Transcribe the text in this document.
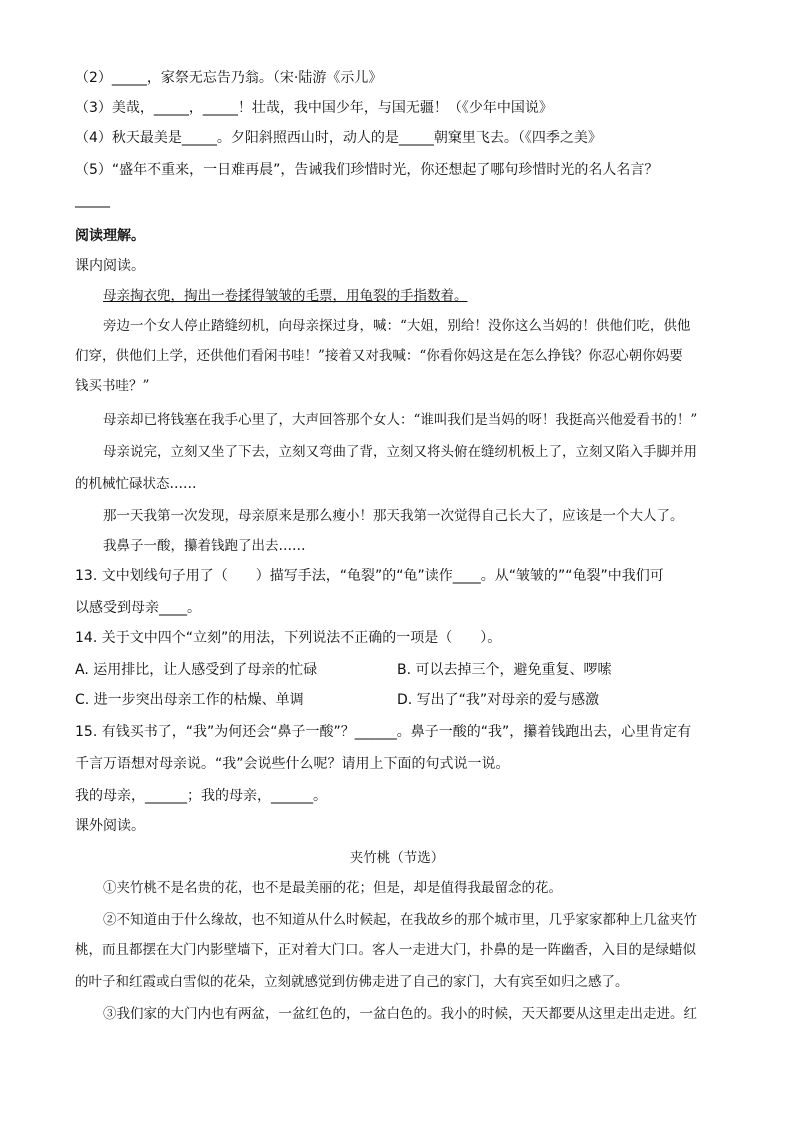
（2）_____，家祭无忘告乃翁。（宋·陆游《示儿》
（3）美哉，_____，_____！壮哉，我中国少年，与国无疆！（《少年中国说》
（4）秋天最美是_____。夕阳斜照西山时，动人的是_____朝窠里飞去。（《四季之美》
（5）“盛年不重来，一日难再晨”，告诫我们珍惜时光，你还想起了哪句珍惜时光的名人名言？
_____
阅读理解。
课内阅读。
母亲掏衣兜，掏出一卷揉得皱皱的毛票，用龟裂的手指数着。
旁边一个女人停止踏缝纫机，向母亲探过身，喊：“大姐，别给！没你这么当妈的！供他们吃，供他
们穿，供他们上学，还供他们看闲书哇！”接着又对我喊：“你看你妈这是在怎么挣钱？你忍心朝你妈要
钱买书哇？”
母亲却已将钱塞在我手心里了，大声回答那个女人：“谁叫我们是当妈的呀！我挺高兴他爱看书的！”
母亲说完，立刻又坐了下去，立刻又弯曲了背，立刻又将头俯在缝纫机板上了，立刻又陷入手脚并用
的机械忙碌状态……
那一天我第一次发现，母亲原来是那么瘦小！那天我第一次觉得自己长大了，应该是一个大人了。
我鼻子一酸，攥着钱跑了出去……
13. 文中划线句子用了（　　）描写手法，“龟裂”的“龟”读作____。从“皱皱的”“龟裂”中我们可
以感受到母亲____。
14. 关于文中四个“立刻”的用法，下列说法不正确的一项是（　　）。
A. 运用排比，让人感受到了母亲的忙碌	B. 可以去掉三个，避免重复、啰嗦
C. 进一步突出母亲工作的枯燥、单调	D. 写出了“我”对母亲的爱与感激
15. 有钱买书了，“我”为何还会“鼻子一酸”？______。鼻子一酸的“我”，攥着钱跑出去，心里肯定有
千言万语想对母亲说。“我”会说些什么呢？请用上下面的句式说一说。
我的母亲，______；我的母亲，______。
课外阅读。
夹竹桃（节选）
①夹竹桃不是名贵的花，也不是最美丽的花；但是，却是值得我最留念的花。
②不知道由于什么缘故，也不知道从什么时候起，在我故乡的那个城市里，几乎家家都种上几盆夹竹
桃，而且都摆在大门内影壁墙下，正对着大门口。客人一走进大门，扑鼻的是一阵幽香，入目的是绿蜡似
的叶子和红霞或白雪似的花朵，立刻就感觉到仿佛走进了自己的家门，大有宾至如归之感了。
③我们家的大门内也有两盆，一盆红色的，一盆白色的。我小的时候，天天都要从这里走出走进。红
